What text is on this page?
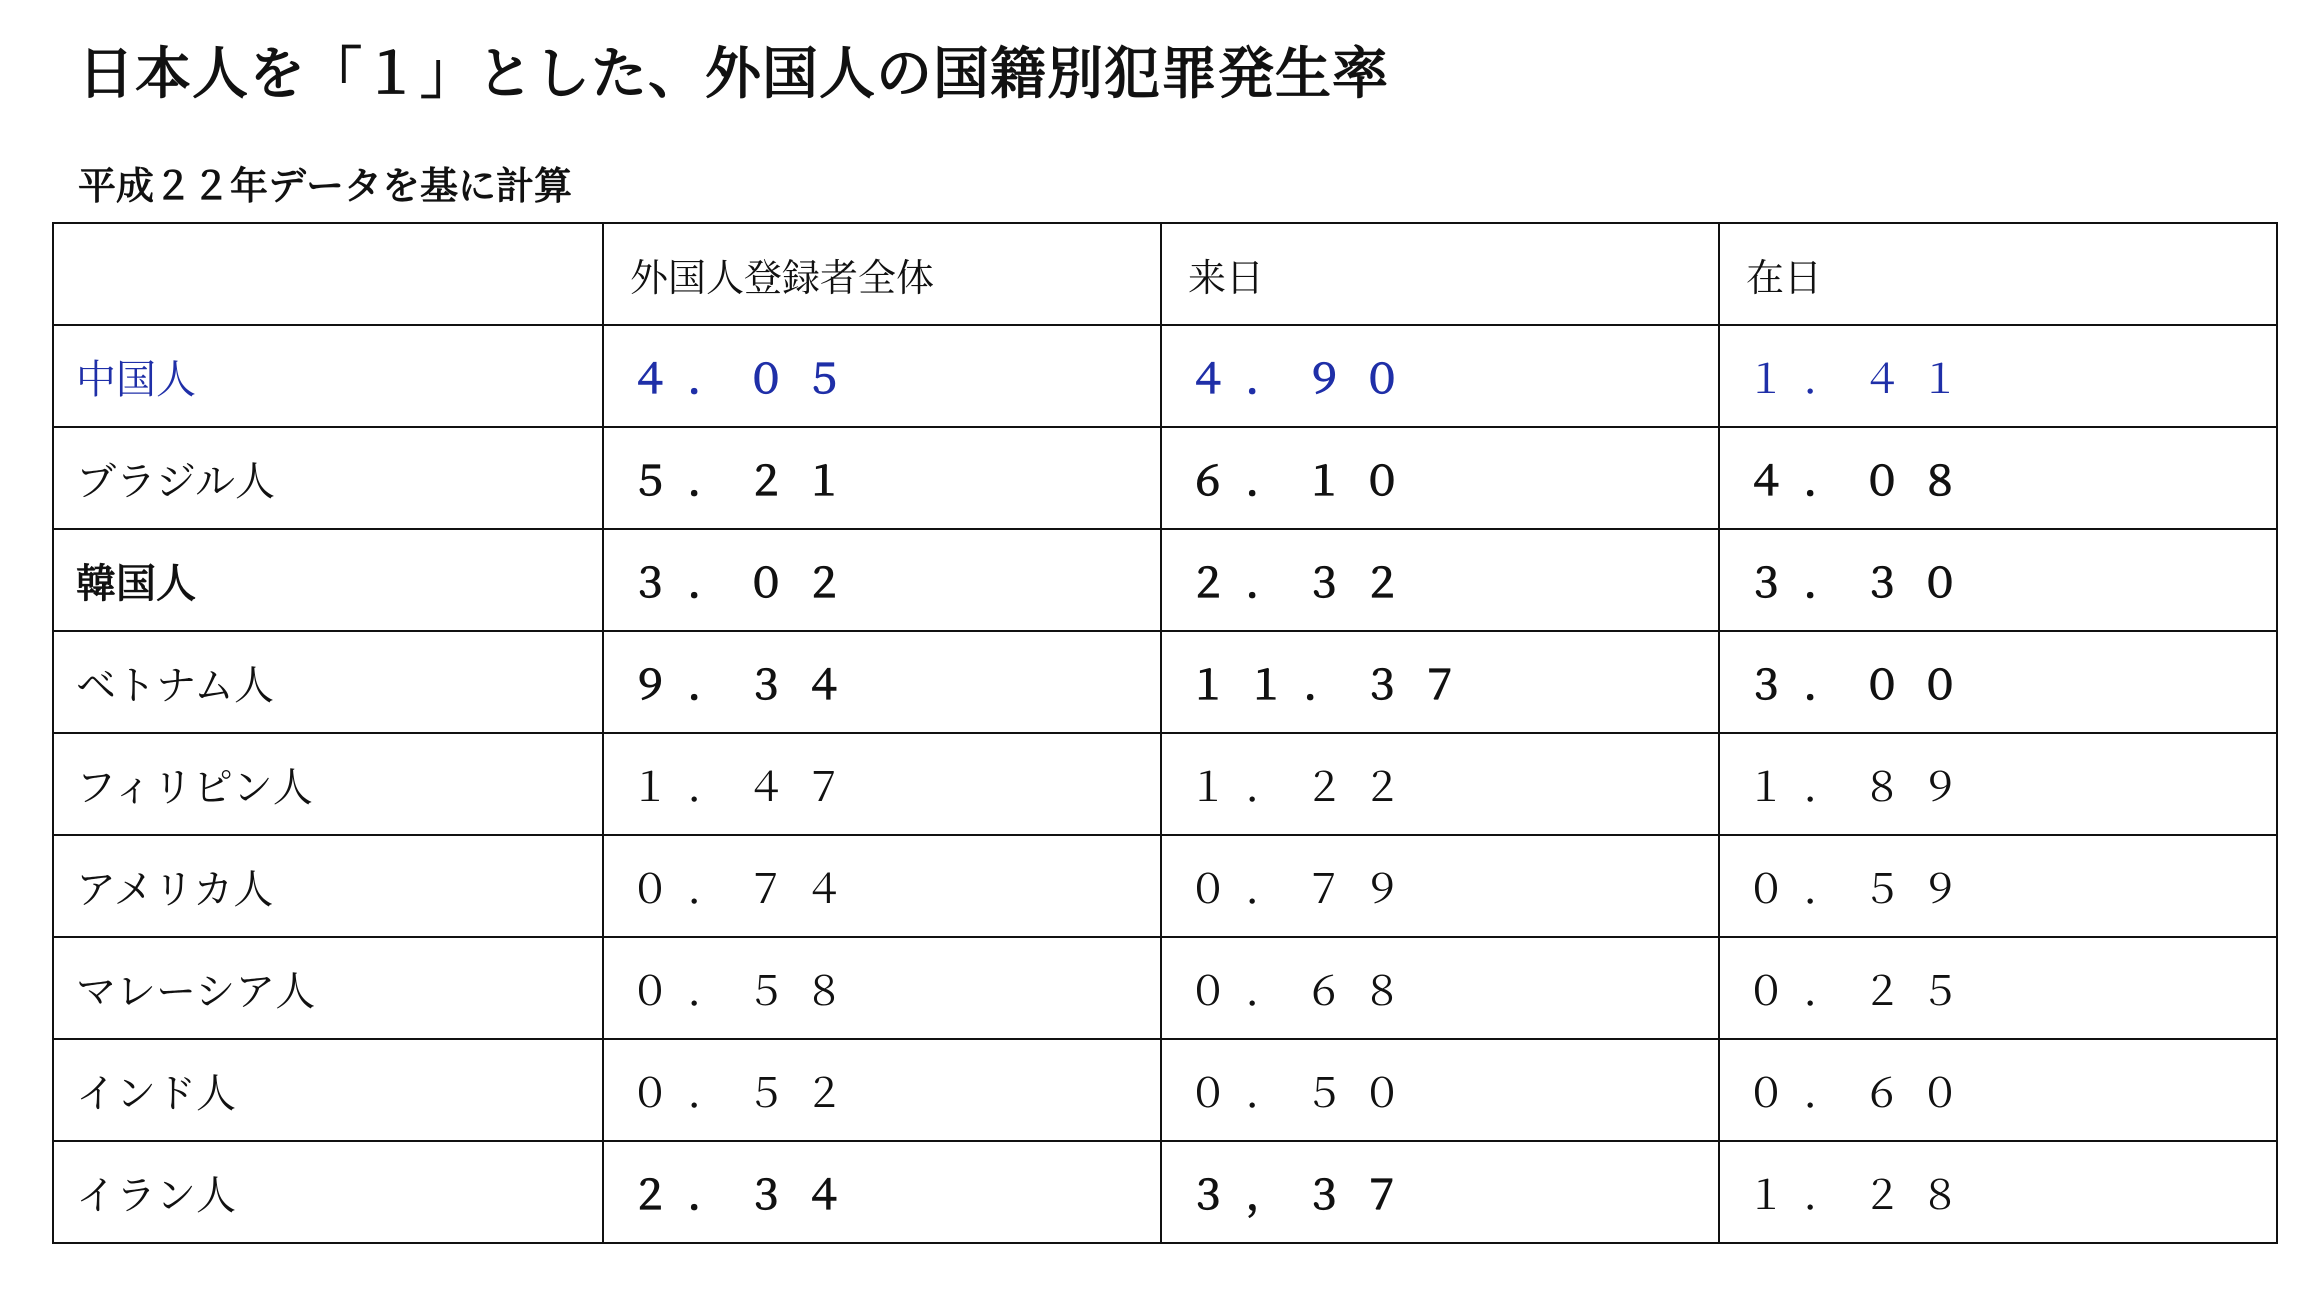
日本人を「１」とした、外国人の国籍別犯罪発生率
平成２２年データを基に計算
	外国人登録者全体	来日	在日
中国人	４．０５	４．９０	１．４１
ブラジル人	５．２１	６．１０	４．０８
韓国人	３．０２	２．３２	３．３０
ベトナム人	９．３４	１１．３７	３．００
フィリピン人	１．４７	１．２２	１．８９
アメリカ人	０．７４	０．７９	０．５９
マレーシア人	０．５８	０．６８	０．２５
インド人	０．５２	０．５０	０．６０
イラン人	２．３４	３，３７	１．２８
